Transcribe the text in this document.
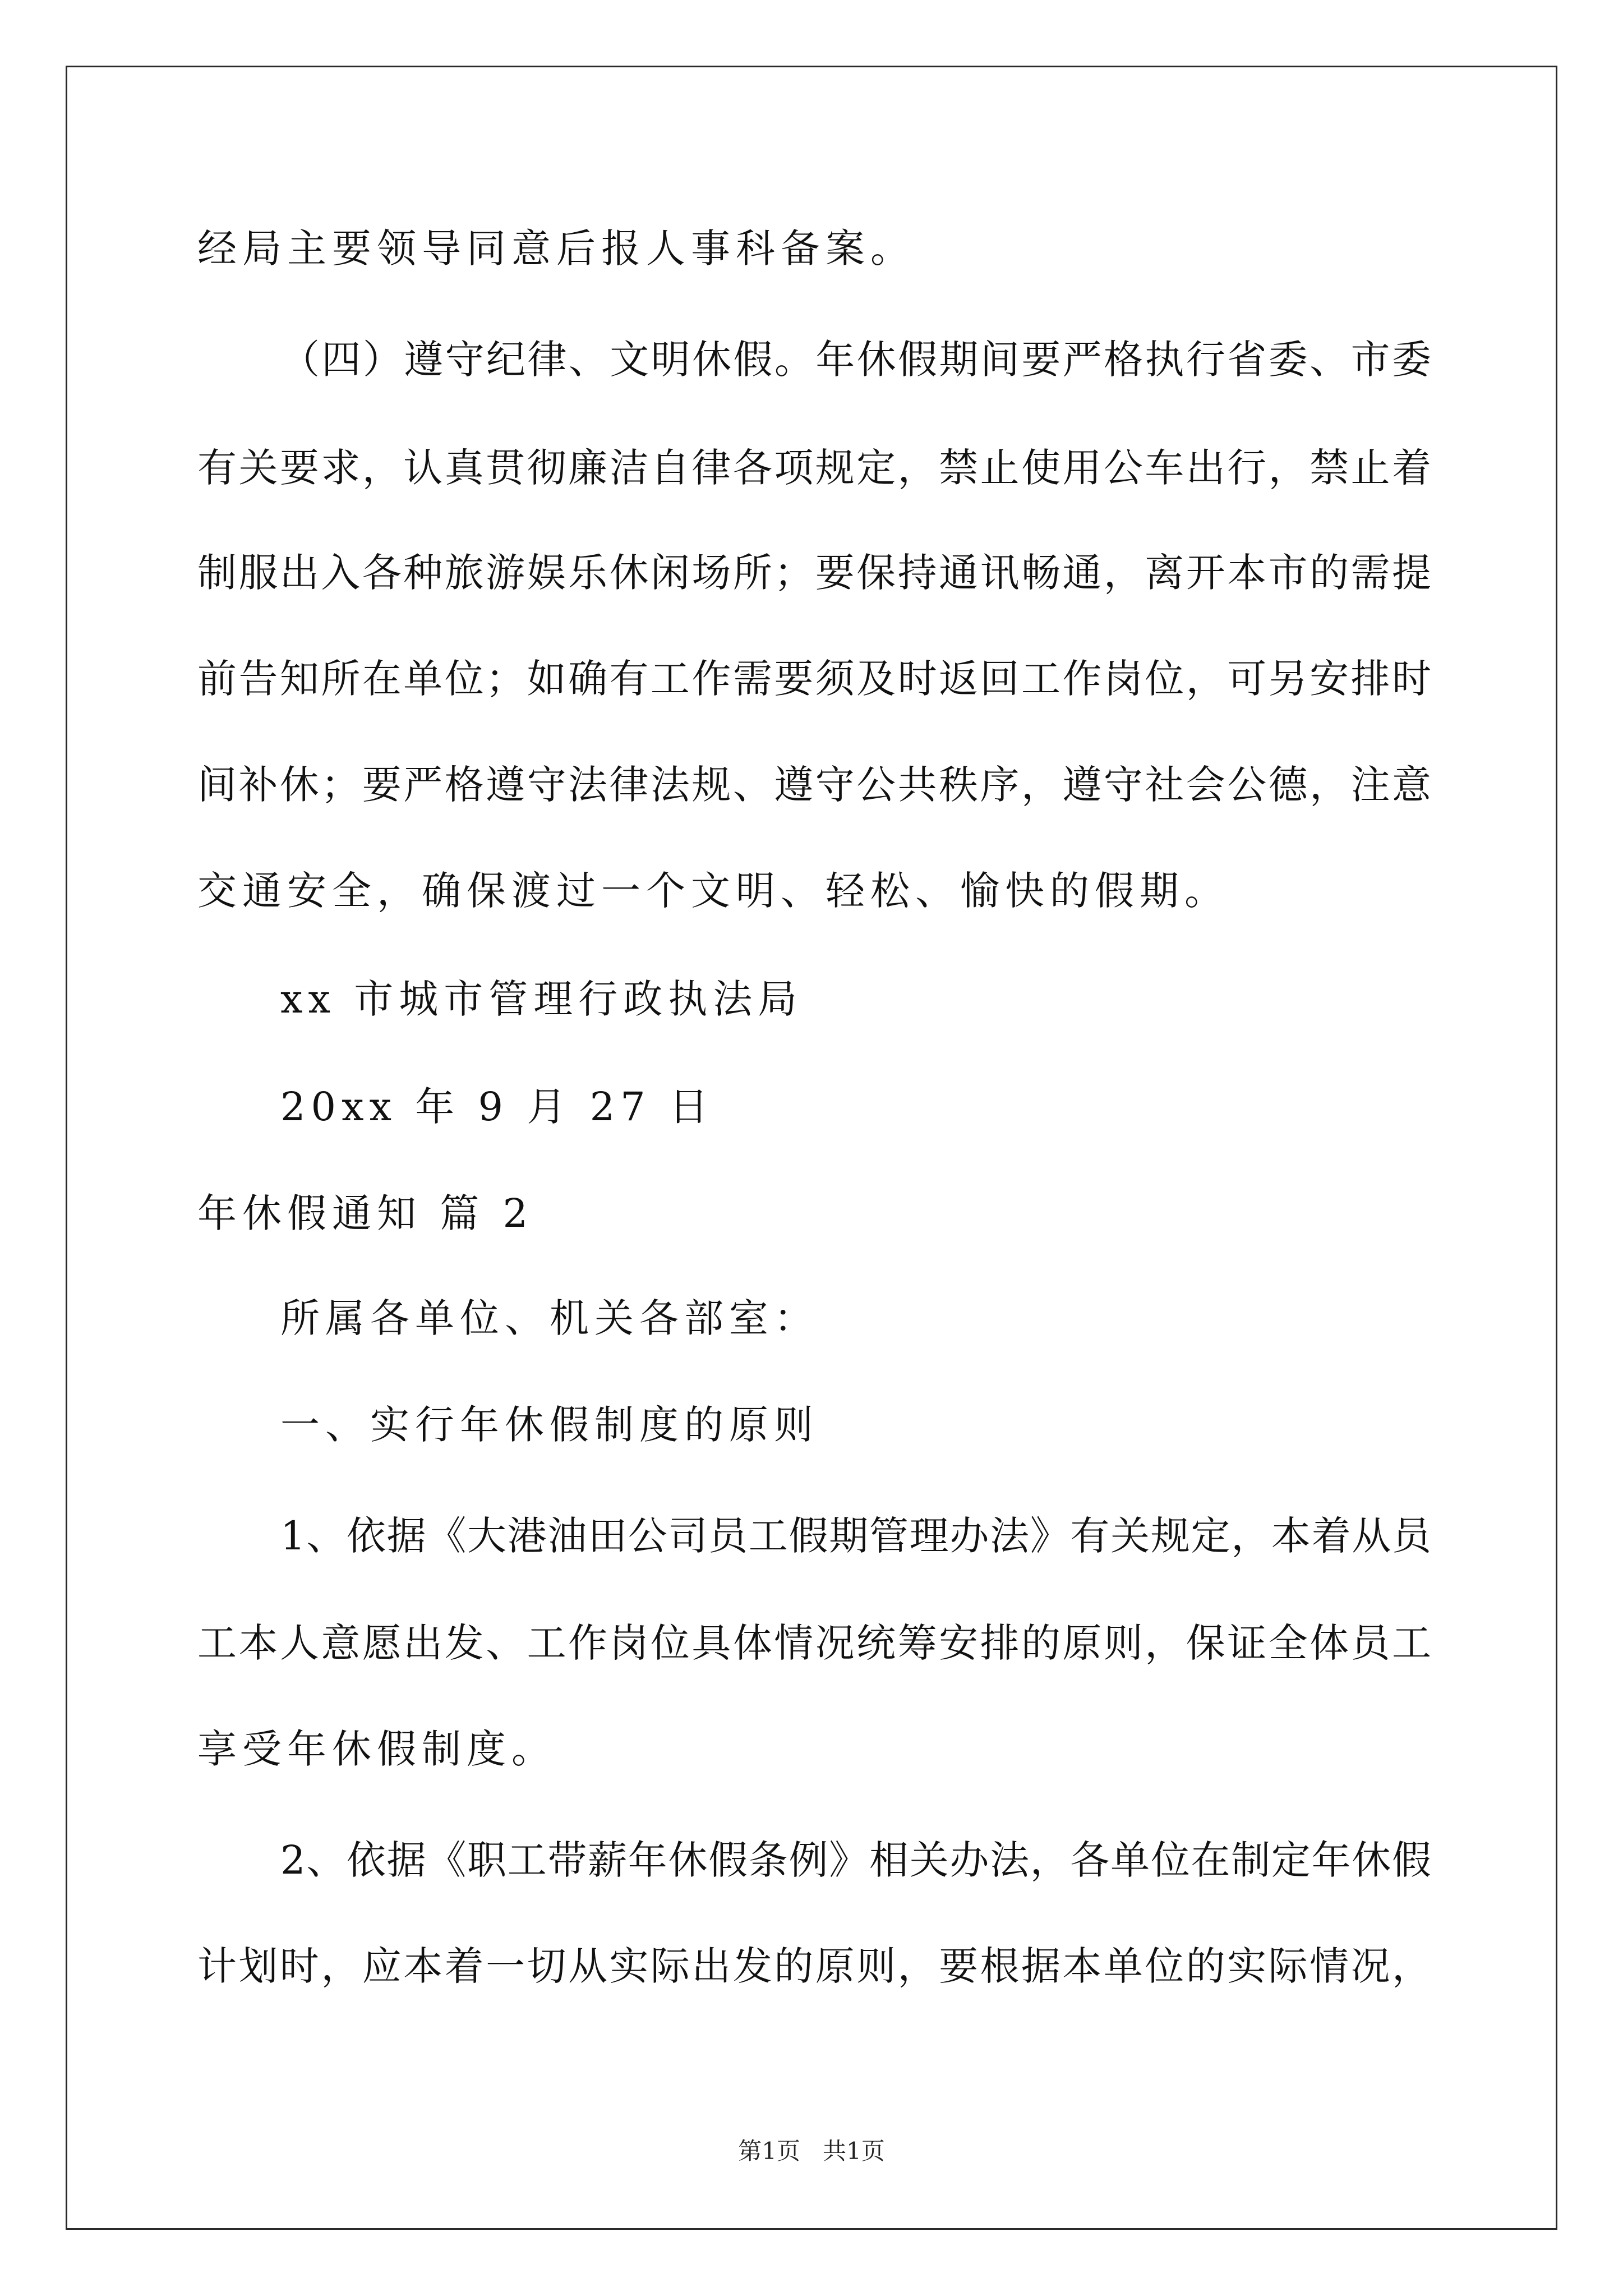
经局主要领导同意后报人事科备案。
（四）遵守纪律、文明休假。年休假期间要严格执行省委、市委
有关要求，认真贯彻廉洁自律各项规定，禁止使用公车出行，禁止着
制服出入各种旅游娱乐休闲场所；要保持通讯畅通，离开本市的需提
前告知所在单位；如确有工作需要须及时返回工作岗位，可另安排时
间补休；要严格遵守法律法规、遵守公共秩序，遵守社会公德，注意
交通安全，确保渡过一个文明、轻松、愉快的假期。
xx 市城市管理行政执法局
20xx 年 9 月 27 日
年休假通知 篇 2
所属各单位、机关各部室：
一、实行年休假制度的原则
1、依据《大港油田公司员工假期管理办法》有关规定，本着从员
工本人意愿出发、工作岗位具体情况统筹安排的原则，保证全体员工
享受年休假制度。
2、依据《职工带薪年休假条例》相关办法，各单位在制定年休假
计划时，应本着一切从实际出发的原则，要根据本单位的实际情况，
第1页   共1页
